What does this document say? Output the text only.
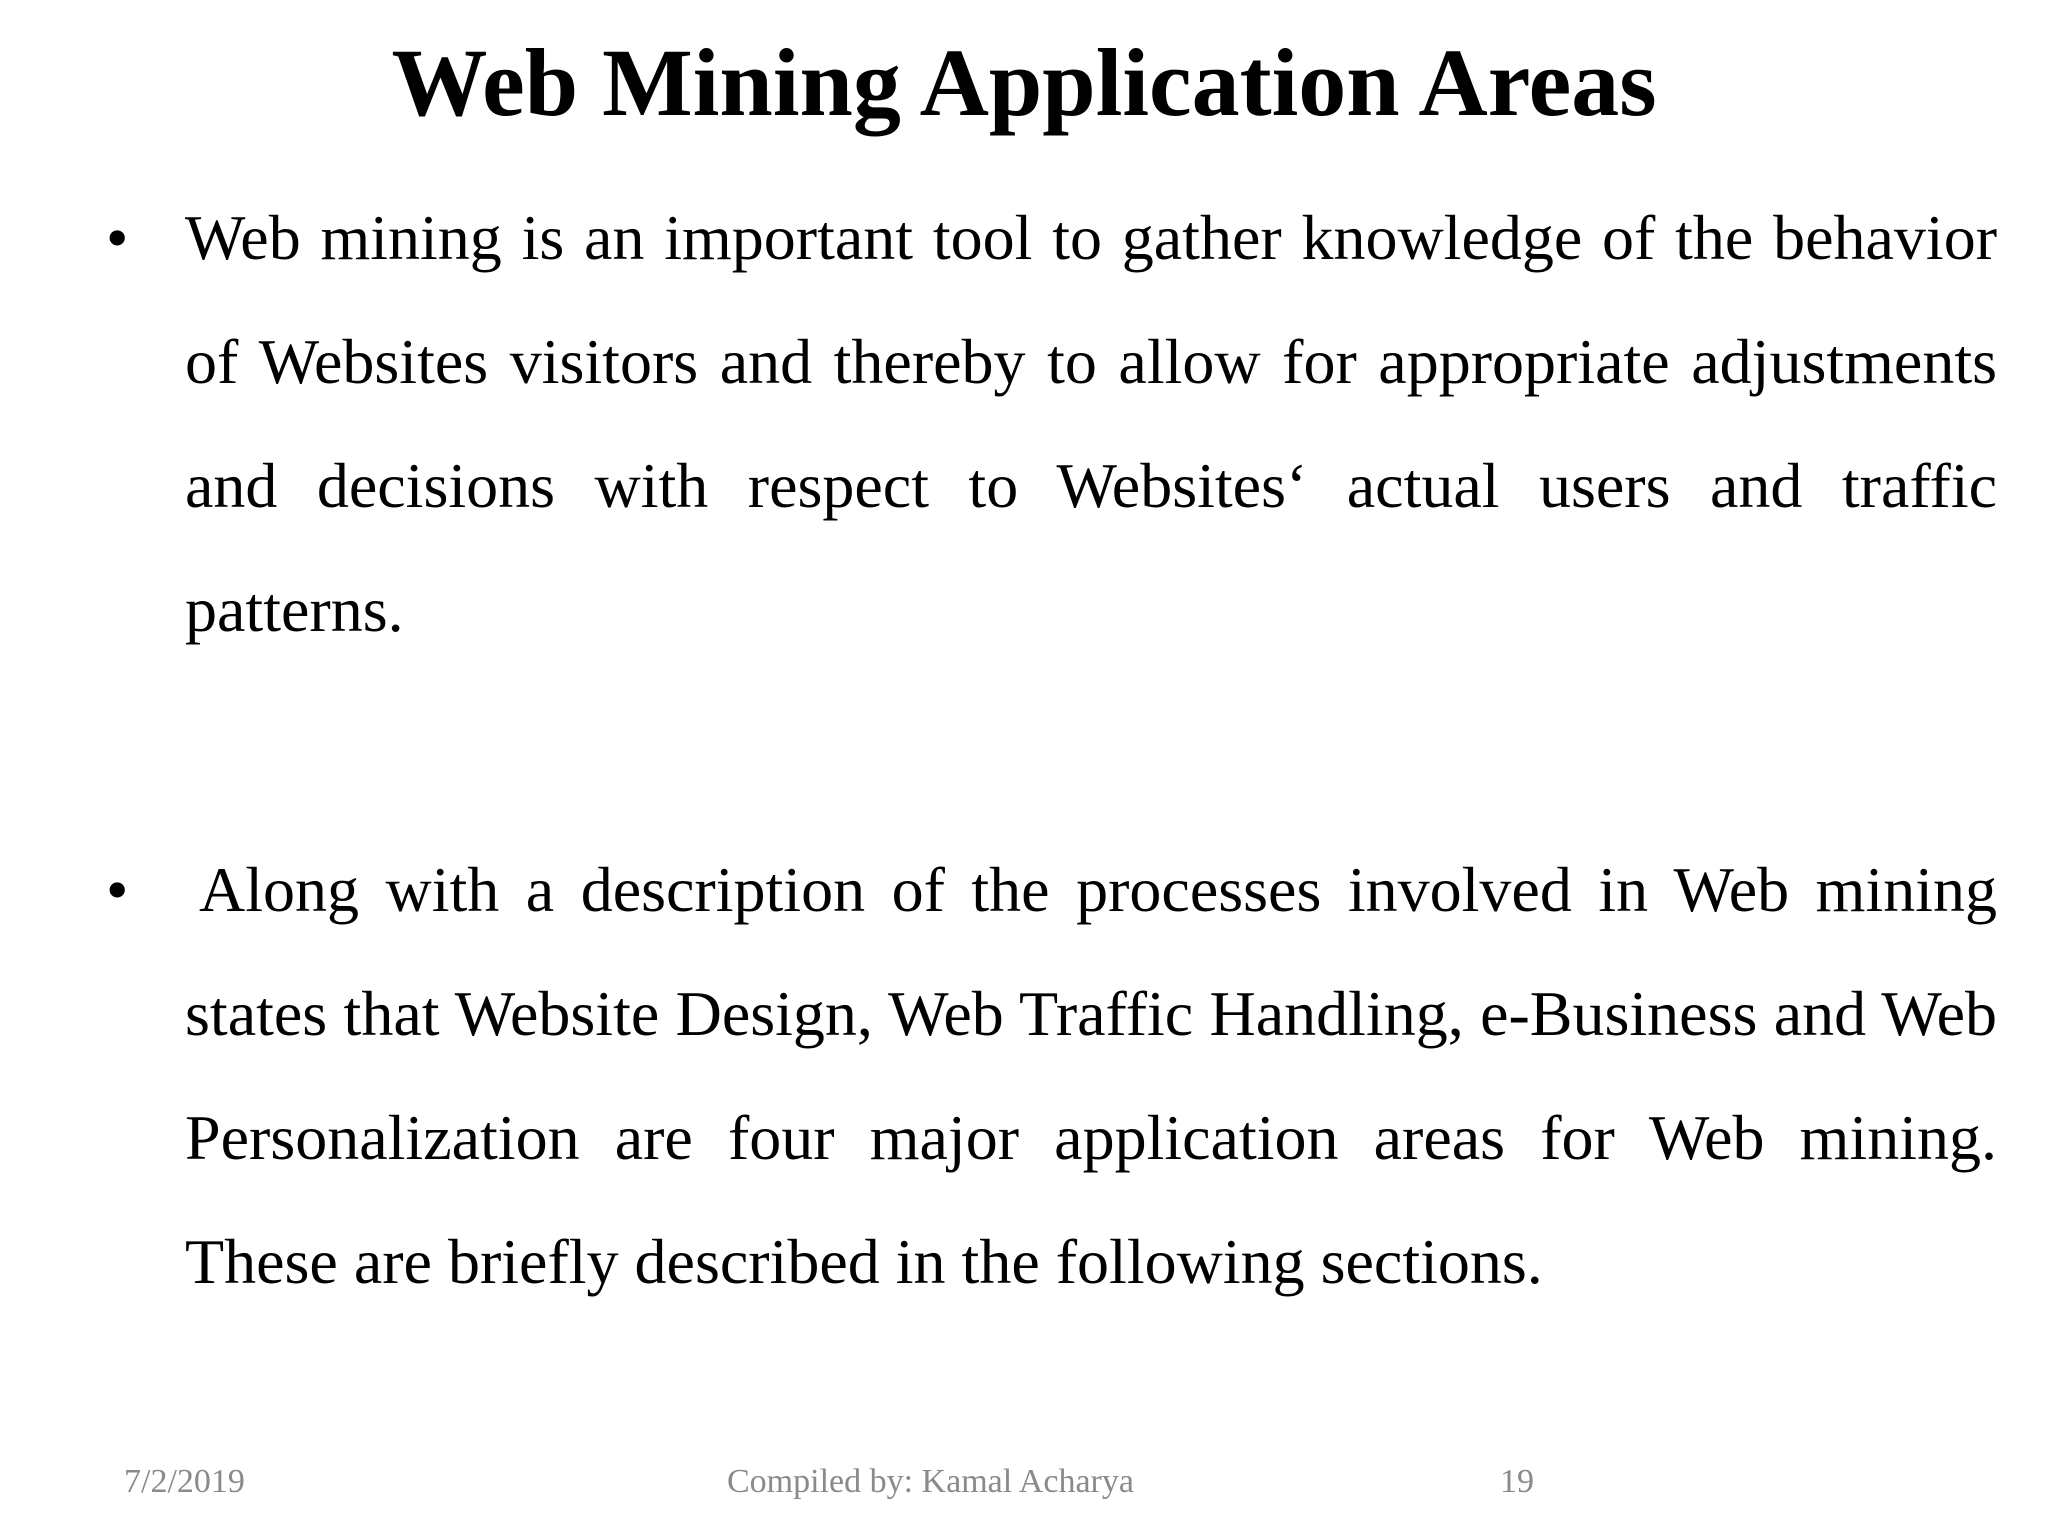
Web Mining Application Areas
• Web mining is an important tool to gather knowledge of the behavior of Websites visitors and thereby to allow for appropriate adjustments and decisions with respect to Websites‘ actual users and traffic patterns.

• Along with a description of the processes involved in Web mining states that Website Design, Web Traffic Handling, e-Business and Web Personalization are four major application areas for Web mining. These are briefly described in the following sections.

7/2/2019	Compiled by: Kamal Acharya	19
